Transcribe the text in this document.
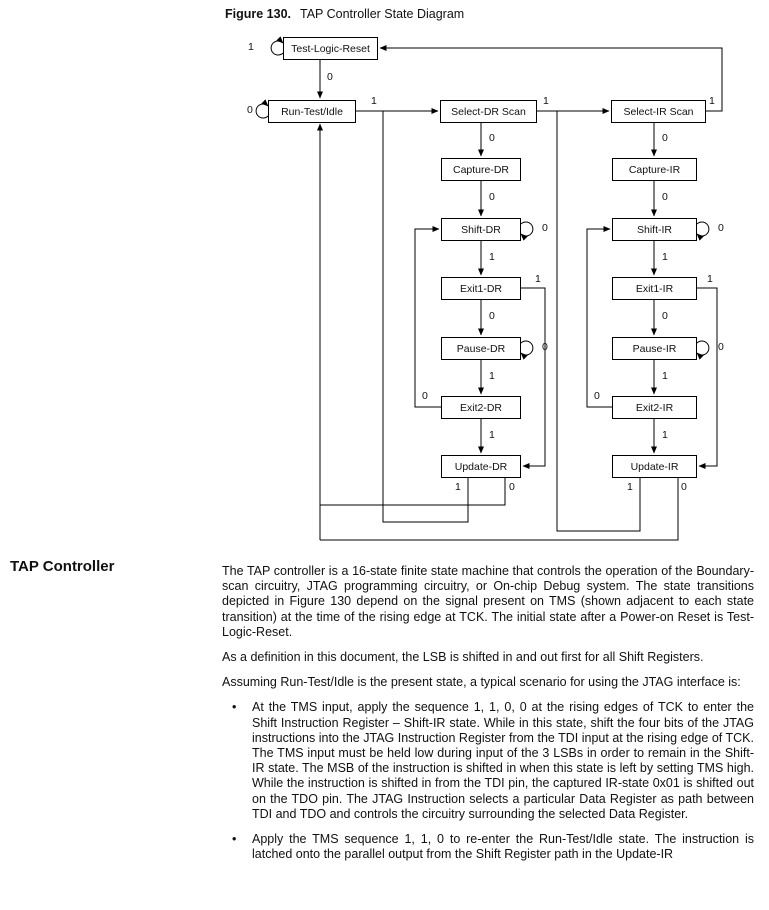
Figure 130. TAP Controller State Diagram
Test-Logic-Reset
Run-Test/Idle	Select-DR Scan	Select-IR Scan
Capture-DR
Shift-DR
Exit1-DR
Pause-DR
Exit2-DR
Update-DR
Capture-IR
Shift-IR
Exit1-IR
Pause-IR
Exit2-IR
Update-IR
1
0
0
1	1	1
0
0
0
1
0
0
1
1
0
1
1	0
0
0
0
1
0
0
1
1
0
1
1	0
TAP Controller	The TAP controller is a 16-state finite state machine that controls the operation of the Boundary-scan circuitry, JTAG programming circuitry, or On-chip Debug system. The state transitions depicted in Figure 130 depend on the signal present on TMS (shown adjacent to each state transition) at the time of the rising edge at TCK. The initial state after a Power-on Reset is Test-Logic-Reset.

As a definition in this document, the LSB is shifted in and out first for all Shift Registers.

Assuming Run-Test/Idle is the present state, a typical scenario for using the JTAG interface is:

•	At the TMS input, apply the sequence 1, 1, 0, 0 at the rising edges of TCK to enter the Shift Instruction Register – Shift-IR state. While in this state, shift the four bits of the JTAG instructions into the JTAG Instruction Register from the TDI input at the rising edge of TCK. The TMS input must be held low during input of the 3 LSBs in order to remain in the Shift-IR state. The MSB of the instruction is shifted in when this state is left by setting TMS high. While the instruction is shifted in from the TDI pin, the captured IR-state 0x01 is shifted out on the TDO pin. The JTAG Instruction selects a particular Data Register as path between TDI and TDO and controls the circuitry surrounding the selected Data Register.
•	Apply the TMS sequence 1, 1, 0 to re-enter the Run-Test/Idle state. The instruction is latched onto the parallel output from the Shift Register path in the Update-IR
